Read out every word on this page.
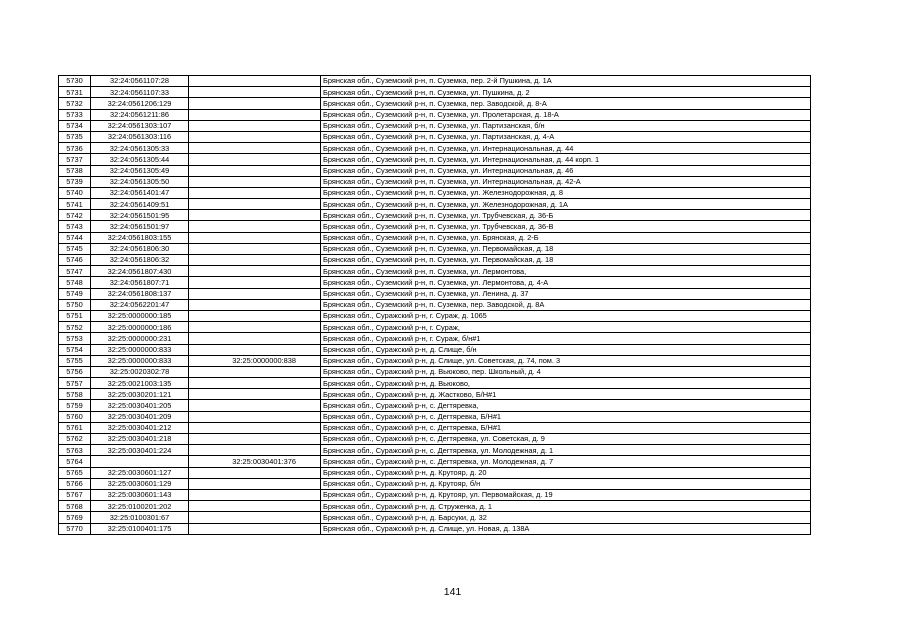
5730	32:24:0561107:28		Брянская обл., Суземский р-н, п. Суземка, пер. 2-й Пушкина, д. 1А
5731	32:24:0561107:33		Брянская обл., Суземский р-н, п. Суземка, ул. Пушкина, д. 2
5732	32:24:0561206:129		Брянская обл., Суземский р-н, п. Суземка, пер. Заводской, д. 8-А
5733	32:24:0561211:86		Брянская обл., Суземский р-н, п. Суземка, ул. Пролетарская, д. 18-А
5734	32:24:0561303:107		Брянская обл., Суземский р-н, п. Суземка, ул. Партизанская, б/н
5735	32:24:0561303:116		Брянская обл., Суземский р-н, п. Суземка, ул. Партизанская, д. 4-А
5736	32:24:0561305:33		Брянская обл., Суземский р-н, п. Суземка, ул. Интернациональная, д. 44
5737	32:24:0561305:44		Брянская обл., Суземский р-н, п. Суземка, ул. Интернациональная, д. 44 корп. 1
5738	32:24:0561305:49		Брянская обл., Суземский р-н, п. Суземка, ул. Интернациональная, д. 46
5739	32:24:0561305:50		Брянская обл., Суземский р-н, п. Суземка, ул. Интернациональная, д. 42-А
5740	32:24:0561401:47		Брянская обл., Суземский р-н, п. Суземка, ул. Железнодорожная, д. 8
5741	32:24:0561409:51		Брянская обл., Суземский р-н, п. Суземка, ул. Железнодорожная, д. 1А
5742	32:24:0561501:95		Брянская обл., Суземский р-н, п. Суземка, ул. Трубчевская, д. 36-Б
5743	32:24:0561501:97		Брянская обл., Суземский р-н, п. Суземка, ул. Трубчевская, д. 36-В
5744	32:24:0561803:155		Брянская обл., Суземский р-н, п. Суземка, ул. Брянская, д. 2-Б
5745	32:24:0561806:30		Брянская обл., Суземский р-н, п. Суземка, ул. Первомайская, д. 18
5746	32:24:0561806:32		Брянская обл., Суземский р-н, п. Суземка, ул. Первомайская, д. 18
5747	32:24:0561807:430		Брянская обл., Суземский р-н, п. Суземка, ул. Лермонтова,
5748	32:24:0561807:71		Брянская обл., Суземский р-н, п. Суземка, ул. Лермонтова, д. 4-А
5749	32:24:0561808:137		Брянская обл., Суземский р-н, п. Суземка, ул. Ленина, д. 37
5750	32:24:0562201:47		Брянская обл., Суземский р-н, п. Суземка, пер. Заводской, д. 8А
5751	32:25:0000000:185		Брянская обл., Суражский р-н, г. Сураж, д. 1065
5752	32:25:0000000:186		Брянская обл., Суражский р-н, г. Сураж,
5753	32:25:0000000:231		Брянская обл., Суражский р-н, г. Сураж, б/н#1
5754	32:25:0000000:833		Брянская обл., Суражский р-н, д. Слище, б/н
5755	32:25:0000000:833	32:25:0000000:838	Брянская обл., Суражский р-н, д. Слище, ул. Советская, д. 74, пом. 3
5756	32:25:0020302:78		Брянская обл., Суражский р-н, д. Вьюково, пер. Школьный, д. 4
5757	32:25:0021003:135		Брянская обл., Суражский р-н, д. Вьюково,
5758	32:25:0030201:121		Брянская обл., Суражский р-н, д. Жастково, Б/Н#1
5759	32:25:0030401:205		Брянская обл., Суражский р-н, с. Дегтяревка,
5760	32:25:0030401:209		Брянская обл., Суражский р-н, с. Дегтяревка, Б/Н#1
5761	32:25:0030401:212		Брянская обл., Суражский р-н, с. Дегтяревка, Б/Н#1
5762	32:25:0030401:218		Брянская обл., Суражский р-н, с. Дегтяревка, ул. Советская, д. 9
5763	32:25:0030401:224		Брянская обл., Суражский р-н, с. Дегтяревка, ул. Молодежная, д. 1
5764		32:25:0030401:376	Брянская обл., Суражский р-н, с. Дегтяревка, ул. Молодежная, д. 7
5765	32:25:0030601:127		Брянская обл., Суражский р-н, д. Крутояр, д. 20
5766	32:25:0030601:129		Брянская обл., Суражский р-н, д. Крутояр, б/н
5767	32:25:0030601:143		Брянская обл., Суражский р-н, д. Крутояр, ул. Первомайская, д. 19
5768	32:25:0100201:202		Брянская обл., Суражский р-н, д. Струженка, д. 1
5769	32:25:0100301:67		Брянская обл., Суражский р-н, д. Барсуки, д. 32
5770	32:25:0100401:175		Брянская обл., Суражский р-н, д. Слище, ул. Новая, д. 138А
141
